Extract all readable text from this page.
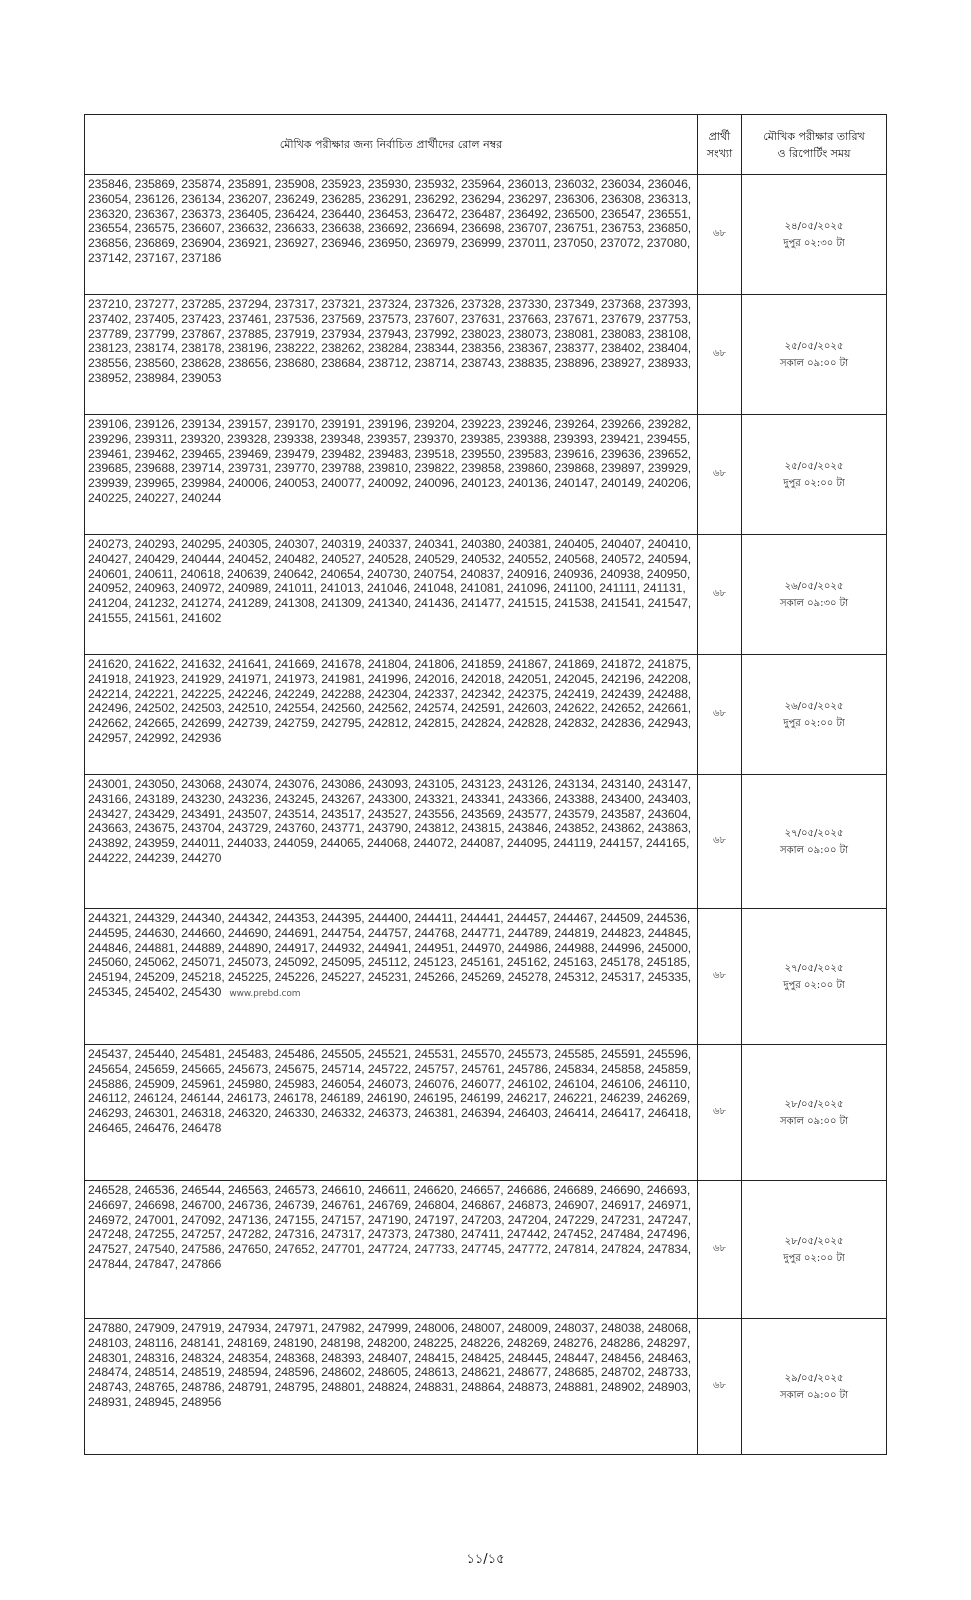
মৌখিক পরীক্ষার জন্য নির্বাচিত প্রার্থীদের রোল নম্বর	প্রার্থী সংখ্যা	মৌখিক পরীক্ষার তারিখ ও রিপোর্টিং সময়
235846, 235869, 235874, 235891, 235908, 235923, 235930, 235932, 235964, 236013, 236032, 236034, 236046, 236054, 236126, 236134, 236207, 236249, 236285, 236291, 236292, 236294, 236297, 236306, 236308, 236313, 236320, 236367, 236373, 236405, 236424, 236440, 236453, 236472, 236487, 236492, 236500, 236547, 236551, 236554, 236575, 236607, 236632, 236633, 236638, 236692, 236694, 236698, 236707, 236751, 236753, 236850, 236856, 236869, 236904, 236921, 236927, 236946, 236950, 236979, 236999, 237011, 237050, 237072, 237080, 237142, 237167, 237186	৬৮	২৪/০৫/২০২৫
দুপুর ০২:৩০ টা

237210, 237277, 237285, 237294, 237317, 237321, 237324, 237326, 237328, 237330, 237349, 237368, 237393, 237402, 237405, 237423, 237461, 237536, 237569, 237573, 237607, 237631, 237663, 237671, 237679, 237753, 237789, 237799, 237867, 237885, 237919, 237934, 237943, 237992, 238023, 238073, 238081, 238083, 238108, 238123, 238174, 238178, 238196, 238222, 238262, 238284, 238344, 238356, 238367, 238377, 238402, 238404, 238556, 238560, 238628, 238656, 238680, 238684, 238712, 238714, 238743, 238835, 238896, 238927, 238933, 238952, 238984, 239053	৬৮	২৫/০৫/২০২৫
সকাল ০৯:০০ টা

239106, 239126, 239134, 239157, 239170, 239191, 239196, 239204, 239223, 239246, 239264, 239266, 239282, 239296, 239311, 239320, 239328, 239338, 239348, 239357, 239370, 239385, 239388, 239393, 239421, 239455, 239461, 239462, 239465, 239469, 239479, 239482, 239483, 239518, 239550, 239583, 239616, 239636, 239652, 239685, 239688, 239714, 239731, 239770, 239788, 239810, 239822, 239858, 239860, 239868, 239897, 239929, 239939, 239965, 239984, 240006, 240053, 240077, 240092, 240096, 240123, 240136, 240147, 240149, 240206, 240225, 240227, 240244	৬৮	২৫/০৫/২০২৫
দুপুর ০২:০০ টা

240273, 240293, 240295, 240305, 240307, 240319, 240337, 240341, 240380, 240381, 240405, 240407, 240410, 240427, 240429, 240444, 240452, 240482, 240527, 240528, 240529, 240532, 240552, 240568, 240572, 240594, 240601, 240611, 240618, 240639, 240642, 240654, 240730, 240754, 240837, 240916, 240936, 240938, 240950, 240952, 240963, 240972, 240989, 241011, 241013, 241046, 241048, 241081, 241096, 241100, 241111, 241131, 241204, 241232, 241274, 241289, 241308, 241309, 241340, 241436, 241477, 241515, 241538, 241541, 241547, 241555, 241561, 241602	৬৮	২৬/০৫/২০২৫
সকাল ০৯:৩০ টা

241620, 241622, 241632, 241641, 241669, 241678, 241804, 241806, 241859, 241867, 241869, 241872, 241875, 241918, 241923, 241929, 241971, 241973, 241981, 241996, 242016, 242018, 242051, 242045, 242196, 242208, 242214, 242221, 242225, 242246, 242249, 242288, 242304, 242337, 242342, 242375, 242419, 242439, 242488, 242496, 242502, 242503, 242510, 242554, 242560, 242562, 242574, 242591, 242603, 242622, 242652, 242661, 242662, 242665, 242699, 242739, 242759, 242795, 242812, 242815, 242824, 242828, 242832, 242836, 242943, 242957, 242992, 242936	৬৮	২৬/০৫/২০২৫
দুপুর ০২:০০ টা

243001, 243050, 243068, 243074, 243076, 243086, 243093, 243105, 243123, 243126, 243134, 243140, 243147, 243166, 243189, 243230, 243236, 243245, 243267, 243300, 243321, 243341, 243366, 243388, 243400, 243403, 243427, 243429, 243491, 243507, 243514, 243517, 243527, 243556, 243569, 243577, 243579, 243587, 243604, 243663, 243675, 243704, 243729, 243760, 243771, 243790, 243812, 243815, 243846, 243852, 243862, 243863, 243892, 243959, 244011, 244033, 244059, 244065, 244068, 244072, 244087, 244095, 244119, 244157, 244165, 244222, 244239, 244270	৬৮	২৭/০৫/২০২৫
সকাল ০৯:০০ টা

244321, 244329, 244340, 244342, 244353, 244395, 244400, 244411, 244441, 244457, 244467, 244509, 244536, 244595, 244630, 244660, 244690, 244691, 244754, 244757, 244768, 244771, 244789, 244819, 244823, 244845, 244846, 244881, 244889, 244890, 244917, 244932, 244941, 244951, 244970, 244986, 244988, 244996, 245000, 245060, 245062, 245071, 245073, 245092, 245095, 245112, 245123, 245161, 245162, 245163, 245178, 245185, 245194, 245209, 245218, 245225, 245226, 245227, 245231, 245266, 245269, 245278, 245312, 245317, 245335, 245345, 245402, 245430 www.prebd.com	৬৮	২৭/০৫/২০২৫
দুপুর ০২:০০ টা

245437, 245440, 245481, 245483, 245486, 245505, 245521, 245531, 245570, 245573, 245585, 245591, 245596, 245654, 245659, 245665, 245673, 245675, 245714, 245722, 245757, 245761, 245786, 245834, 245858, 245859, 245886, 245909, 245961, 245980, 245983, 246054, 246073, 246076, 246077, 246102, 246104, 246106, 246110, 246112, 246124, 246144, 246173, 246178, 246189, 246190, 246195, 246199, 246217, 246221, 246239, 246269, 246293, 246301, 246318, 246320, 246330, 246332, 246373, 246381, 246394, 246403, 246414, 246417, 246418, 246465, 246476, 246478	৬৮	২৮/০৫/২০২৫
সকাল ০৯:০০ টা

246528, 246536, 246544, 246563, 246573, 246610, 246611, 246620, 246657, 246686, 246689, 246690, 246693, 246697, 246698, 246700, 246736, 246739, 246761, 246769, 246804, 246867, 246873, 246907, 246917, 246971, 246972, 247001, 247092, 247136, 247155, 247157, 247190, 247197, 247203, 247204, 247229, 247231, 247247, 247248, 247255, 247257, 247282, 247316, 247317, 247373, 247380, 247411, 247442, 247452, 247484, 247496, 247527, 247540, 247586, 247650, 247652, 247701, 247724, 247733, 247745, 247772, 247814, 247824, 247834, 247844, 247847, 247866	৬৮	২৮/০৫/২০২৫
দুপুর ০২:০০ টা

247880, 247909, 247919, 247934, 247971, 247982, 247999, 248006, 248007, 248009, 248037, 248038, 248068, 248103, 248116, 248141, 248169, 248190, 248198, 248200, 248225, 248226, 248269, 248276, 248286, 248297, 248301, 248316, 248324, 248354, 248368, 248393, 248407, 248415, 248425, 248445, 248447, 248456, 248463, 248474, 248514, 248519, 248594, 248596, 248602, 248605, 248613, 248621, 248677, 248685, 248702, 248733, 248743, 248765, 248786, 248791, 248795, 248801, 248824, 248831, 248864, 248873, 248881, 248902, 248903, 248931, 248945, 248956	৬৮	২৯/০৫/২০২৫
সকাল ০৯:০০ টা
১১/১৫
